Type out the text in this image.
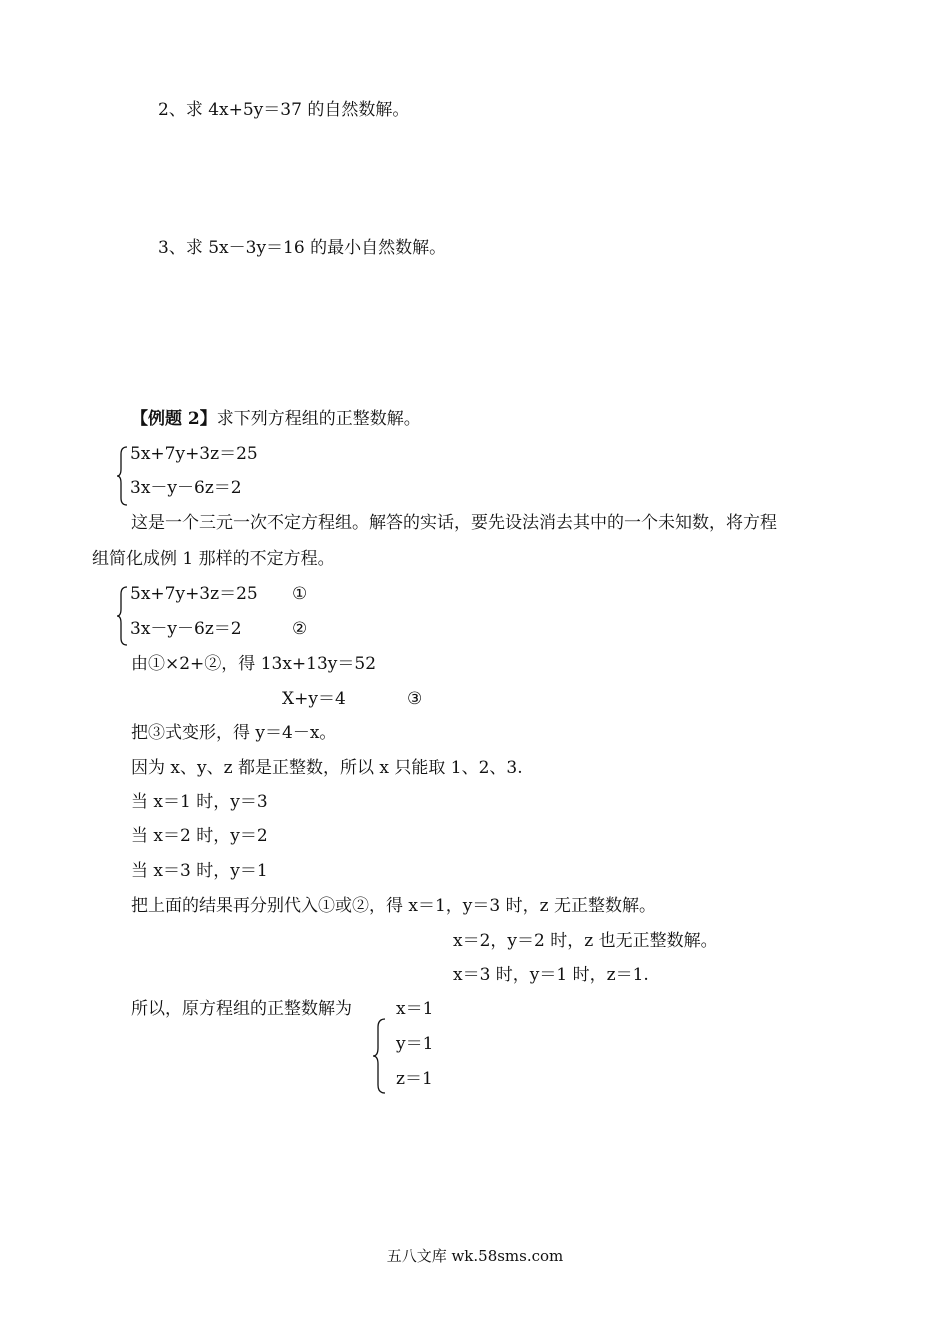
2、求 4x+5y＝37 的自然数解。
3、求 5x－3y＝16 的最小自然数解。
【例题 2】求下列方程组的正整数解。
5x+7y+3z＝25
3x－y－6z＝2
这是一个三元一次不定方程组。解答的实话，要先设法消去其中的一个未知数，将方程
组简化成例 1 那样的不定方程。
5x+7y+3z＝25 ①
3x－y－6z＝2	②
由①×2+②，得 13x+13y＝52
X+y＝4	③
把③式变形，得 y＝4－x。
因为 x、y、z 都是正整数，所以 x 只能取 1、2、3.
当 x＝1 时，y＝3
当 x＝2 时，y＝2
当 x＝3 时，y＝1
把上面的结果再分别代入①或②，得 x＝1，y＝3 时，z 无正整数解。
x＝2，y＝2 时，z 也无正整数解。
x＝3 时，y＝1 时，z＝1.
所以，原方程组的正整数解为	x＝1
y＝1
z＝1
五八文库 wk.58sms.com
